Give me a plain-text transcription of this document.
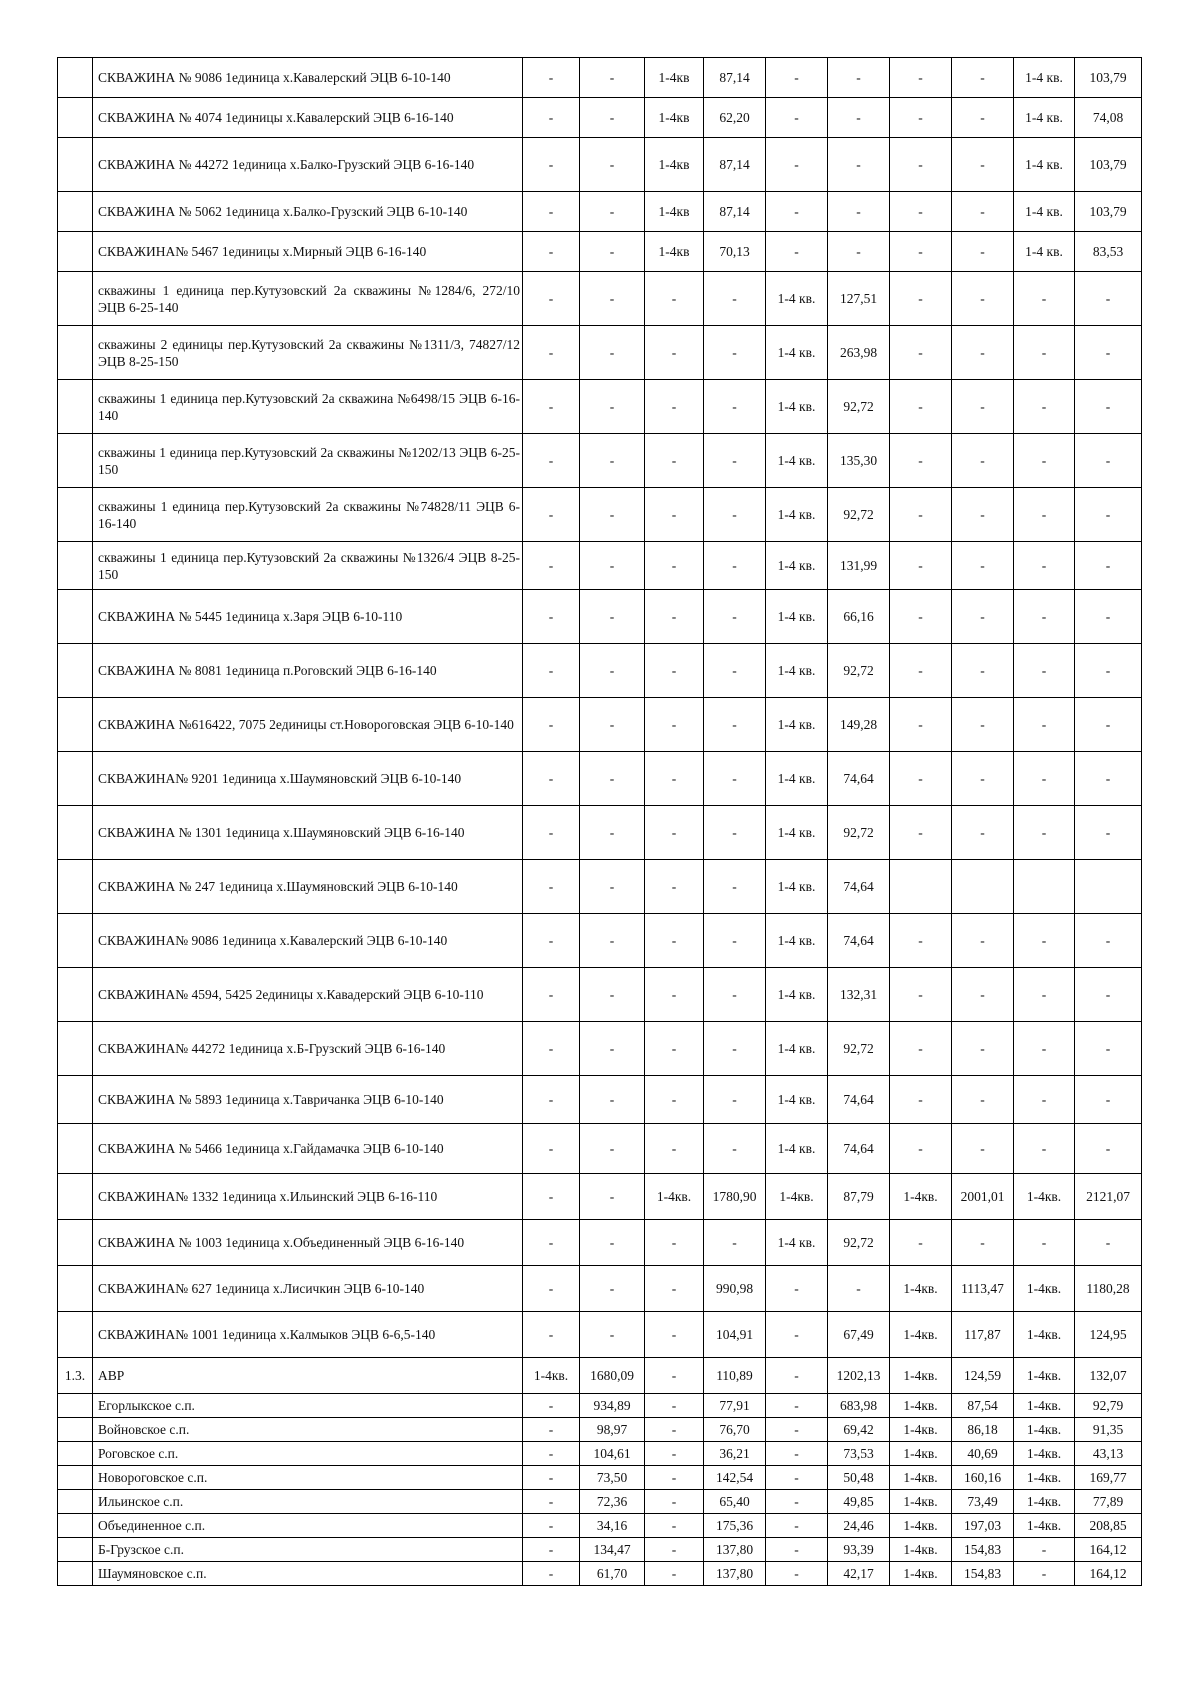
	СКВАЖИНА № 9086 1единица х.Кавалерский ЭЦВ 6-10-140	-	-	1-4кв	87,14	-	-	-	-	1-4 кв.	103,79
	СКВАЖИНА № 4074 1единицы х.Кавалерский ЭЦВ 6-16-140	-	-	1-4кв	62,20	-	-	-	-	1-4 кв.	74,08
	СКВАЖИНА № 44272 1единица х.Балко-Грузский ЭЦВ 6-16-140	-	-	1-4кв	87,14	-	-	-	-	1-4 кв.	103,79
	СКВАЖИНА № 5062 1единица х.Балко-Грузский ЭЦВ 6-10-140	-	-	1-4кв	87,14	-	-	-	-	1-4 кв.	103,79
	СКВАЖИНА№ 5467 1единицы х.Мирный ЭЦВ 6-16-140	-	-	1-4кв	70,13	-	-	-	-	1-4 кв.	83,53
	скважины 1 единица пер.Кутузовский 2а скважины №1284/6, 272/10 ЭЦВ 6-25-140	-	-	-	-	1-4 кв.	127,51	-	-	-	-
	скважины 2 единицы пер.Кутузовский 2а скважины №1311/3, 74827/12 ЭЦВ 8-25-150	-	-	-	-	1-4 кв.	263,98	-	-	-	-
	скважины 1 единица пер.Кутузовский 2а скважина №6498/15 ЭЦВ 6-16-140	-	-	-	-	1-4 кв.	92,72	-	-	-	-
	скважины 1 единица пер.Кутузовский 2а скважины №1202/13 ЭЦВ 6-25-150	-	-	-	-	1-4 кв.	135,30	-	-	-	-
	скважины 1 единица пер.Кутузовский 2а скважины №74828/11 ЭЦВ 6-16-140	-	-	-	-	1-4 кв.	92,72	-	-	-	-
	скважины 1 единица пер.Кутузовский 2а скважины №1326/4 ЭЦВ 8-25-150	-	-	-	-	1-4 кв.	131,99	-	-	-	-
	СКВАЖИНА № 5445 1единица х.Заря ЭЦВ 6-10-110	-	-	-	-	1-4 кв.	66,16	-	-	-	-
	СКВАЖИНА № 8081 1единица п.Роговский ЭЦВ 6-16-140	-	-	-	-	1-4 кв.	92,72	-	-	-	-
	СКВАЖИНА №616422, 7075 2единицы ст.Новороговская ЭЦВ 6-10-140	-	-	-	-	1-4 кв.	149,28	-	-	-	-
	СКВАЖИНА№ 9201 1единица х.Шаумяновский ЭЦВ 6-10-140	-	-	-	-	1-4 кв.	74,64	-	-	-	-
	СКВАЖИНА № 1301 1единица х.Шаумяновский ЭЦВ 6-16-140	-	-	-	-	1-4 кв.	92,72	-	-	-	-
	СКВАЖИНА № 247 1единица х.Шаумяновский ЭЦВ 6-10-140	-	-	-	-	1-4 кв.	74,64				
	СКВАЖИНА№ 9086 1единица х.Кавалерский ЭЦВ 6-10-140	-	-	-	-	1-4 кв.	74,64	-	-	-	-
	СКВАЖИНА№ 4594, 5425 2единицы х.Кавадерский ЭЦВ 6-10-110	-	-	-	-	1-4 кв.	132,31	-	-	-	-
	СКВАЖИНА№ 44272 1единица х.Б-Грузский ЭЦВ 6-16-140	-	-	-	-	1-4 кв.	92,72	-	-	-	-
	СКВАЖИНА № 5893 1единица х.Тавричанка ЭЦВ 6-10-140	-	-	-	-	1-4 кв.	74,64	-	-	-	-
	СКВАЖИНА № 5466 1единица х.Гайдамачка ЭЦВ 6-10-140	-	-	-	-	1-4 кв.	74,64	-	-	-	-
	СКВАЖИНА№ 1332 1единица х.Ильинский ЭЦВ 6-16-110	-	-	1-4кв.	1780,90	1-4кв.	87,79	1-4кв.	2001,01	1-4кв.	2121,07
	СКВАЖИНА № 1003 1единица х.Объединенный ЭЦВ 6-16-140	-	-	-	-	1-4 кв.	92,72	-	-	-	-
	СКВАЖИНА№ 627 1единица х.Лисичкин ЭЦВ 6-10-140	-	-	-	990,98	-	-	1-4кв.	1113,47	1-4кв.	1180,28
	СКВАЖИНА№ 1001 1единица х.Калмыков ЭЦВ 6-6,5-140	-	-	-	104,91	-	67,49	1-4кв.	117,87	1-4кв.	124,95
1.3.	АВР	1-4кв.	1680,09	-	110,89	-	1202,13	1-4кв.	124,59	1-4кв.	132,07
	Егорлыкское с.п.	-	934,89	-	77,91	-	683,98	1-4кв.	87,54	1-4кв.	92,79
	Войновское с.п.	-	98,97	-	76,70	-	69,42	1-4кв.	86,18	1-4кв.	91,35
	Роговское с.п.	-	104,61	-	36,21	-	73,53	1-4кв.	40,69	1-4кв.	43,13
	Новороговское с.п.	-	73,50	-	142,54	-	50,48	1-4кв.	160,16	1-4кв.	169,77
	Ильинское с.п.	-	72,36	-	65,40	-	49,85	1-4кв.	73,49	1-4кв.	77,89
	Объединенное с.п.	-	34,16	-	175,36	-	24,46	1-4кв.	197,03	1-4кв.	208,85
	Б-Грузское с.п.	-	134,47	-	137,80	-	93,39	1-4кв.	154,83	-	164,12
	Шаумяновское с.п.	-	61,70	-	137,80	-	42,17	1-4кв.	154,83	-	164,12
